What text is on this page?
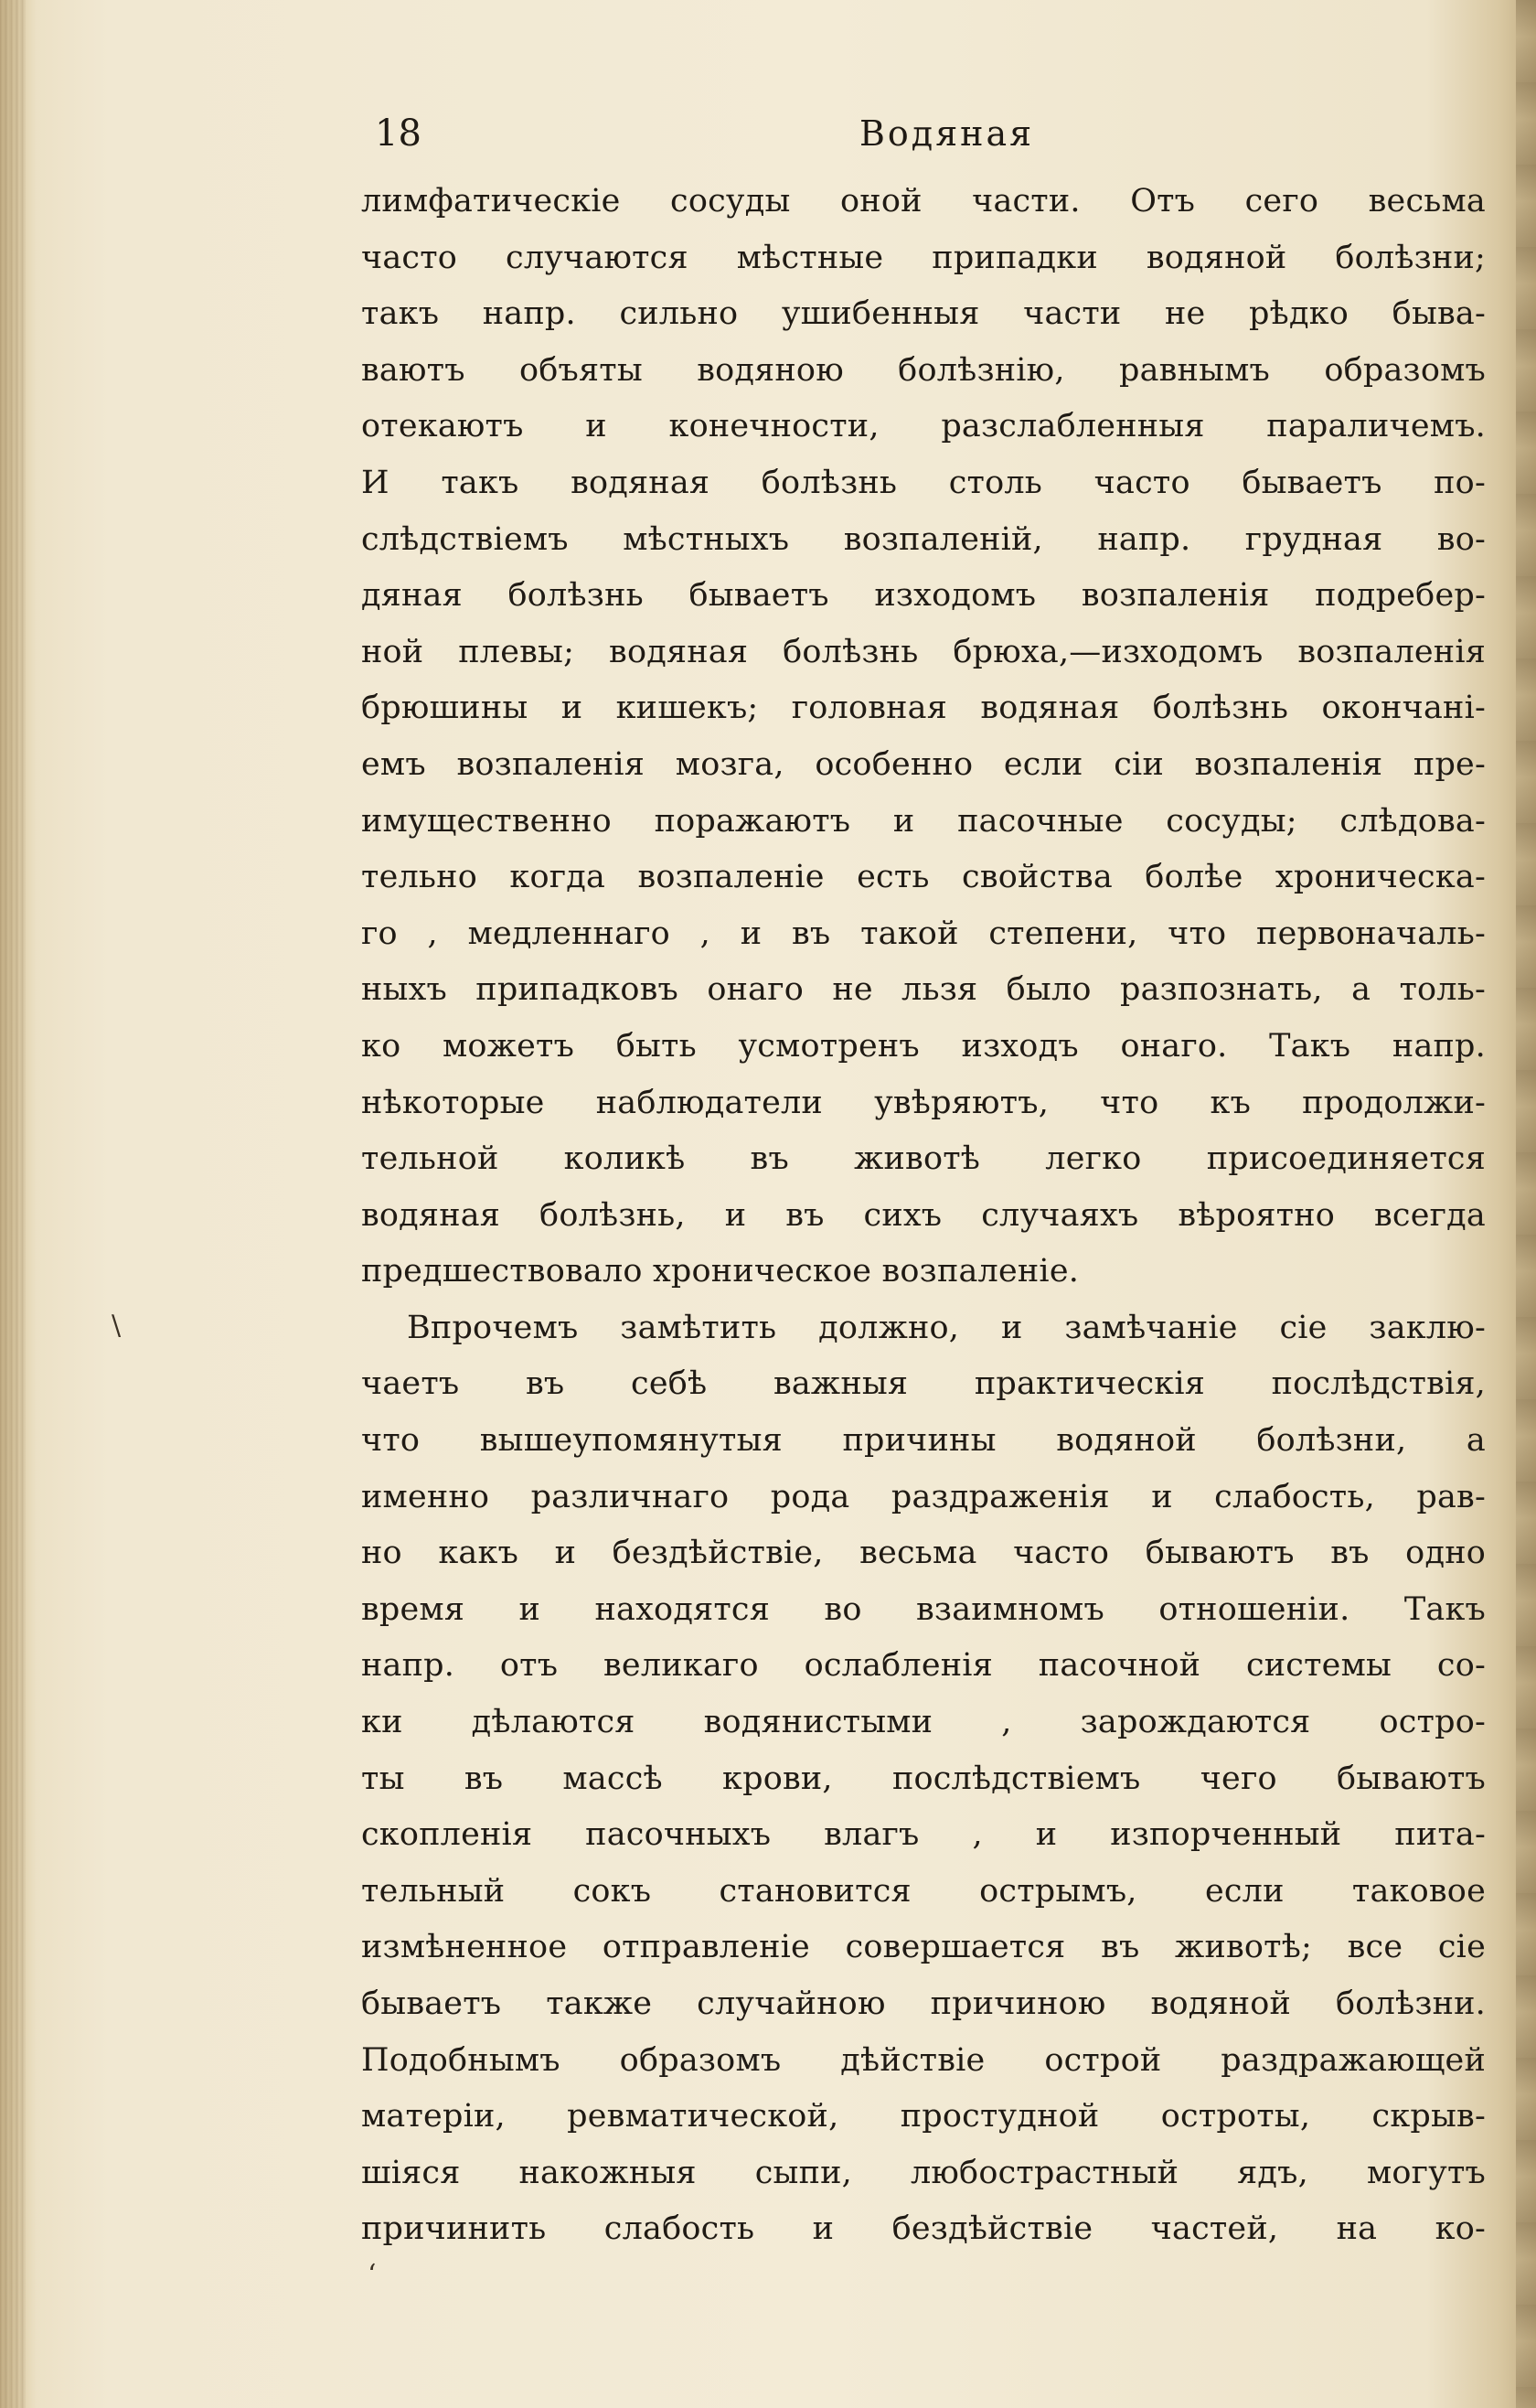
18	Водяная
лимфатическіе сосуды оной части. Отъ сего весьма
часто случаются мѣстные припадки водяной болѣзни;
такъ напр. сильно ушибенныя части не рѣдко бывa-
ваютъ объяты водяною болѣзнію, равнымъ образомъ
отекаютъ и конечности, разслабленныя параличемъ.
И такъ водяная болѣзнь столь часто бываетъ по-
слѣдствіемъ мѣстныхъ возпаленій, напр. грудная во-
дяная болѣзнь бываетъ изходомъ возпаленія подребер-
ной плевы; водяная болѣзнь брюха,—изходомъ возпаленія
брюшины и кишекъ; головная водяная болѣзнь окончані-
емъ возпаленія мозга, особенно если сіи возпаленія пре-
имущественно поражаютъ и пасочные сосуды; слѣдова-
тельно когда возпаленіе есть свойства болѣе хроническа-
го , медленнаго , и въ такой степени, что первоначаль-
ныхъ припадковъ онаго не льзя было разпознать, а толь-
ко можетъ быть усмотренъ изходъ онаго. Такъ напр.
нѣкоторые наблюдатели увѣряютъ, что къ продолжи-
тельной коликѣ въ животѣ легко присоединяется
водяная болѣзнь, и въ сихъ случаяхъ вѣроятно всегда
предшествовало хроническое возпаленіе.
Впрочемъ замѣтить должно, и замѣчаніе сіе заклю-
чаетъ въ себѣ важныя практическія послѣдствія,
что вышеупомянутыя причины водяной болѣзни, а
именно различнаго рода раздраженія и слабость, рав-
но какъ и бездѣйствіе, весьма часто бываютъ въ одно
время и находятся во взаимномъ отношеніи. Такъ
напр. отъ великаго ослабленія пасочной системы со-
ки дѣлаются водянистыми , зарождаются остро-
ты въ массѣ крови, послѣдствіемъ чего бываютъ
скопленія пасочныхъ влагъ , и изпорченный пита-
тельный сокъ становится острымъ, если таковое
измѣненное отправленіе совершается въ животѣ; все сіе
бываетъ также случайною причиною водяной болѣзни.
Подобнымъ образомъ дѣйствіе острой раздражающей
матеріи, ревматической, простудной остроты, скрыв-
шіяся накожныя сыпи, любострастный ядъ, могутъ
причинить слабость и бездѣйствіе частей, на ко-
\
ʻ
